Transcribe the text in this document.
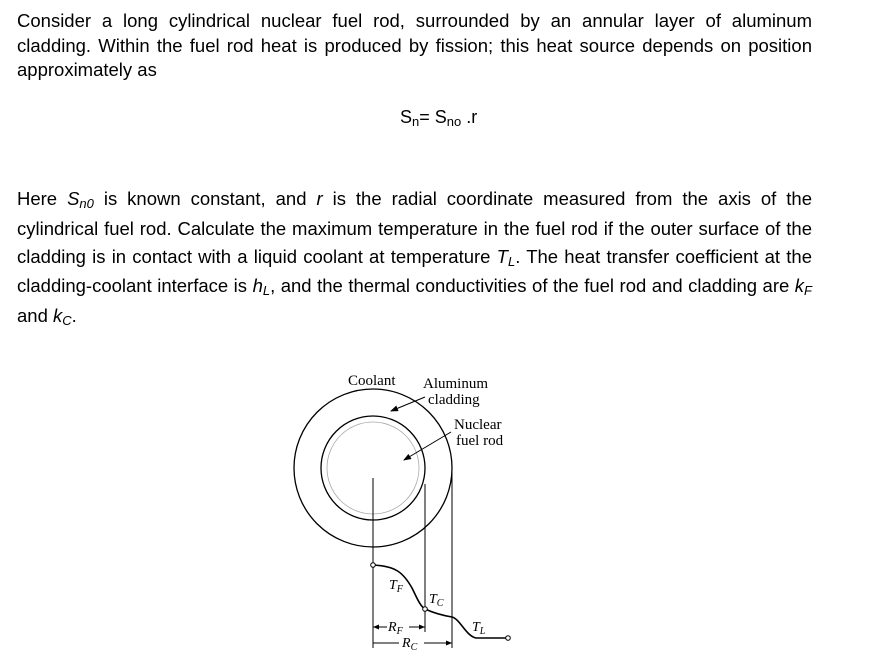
Consider a long cylindrical nuclear fuel rod, surrounded by an annular layer of aluminum cladding. Within the fuel rod heat is produced by fission; this heat source depends on position approximately as
Sn= Sno .r
Here Sn0 is known constant, and r is the radial coordinate measured from the axis of the cylindrical fuel rod. Calculate the maximum temperature in the fuel rod if the outer surface of the cladding is in contact with a liquid coolant at temperature TL. The heat transfer coefficient at the cladding-coolant interface is hL, and the thermal conductivities of the fuel rod and cladding are kF and kC.
Coolant Aluminum
cladding
Nuclear
fuel rod
$T_F$
$T_C$
$T_L$
$R_F$
$R_C$
